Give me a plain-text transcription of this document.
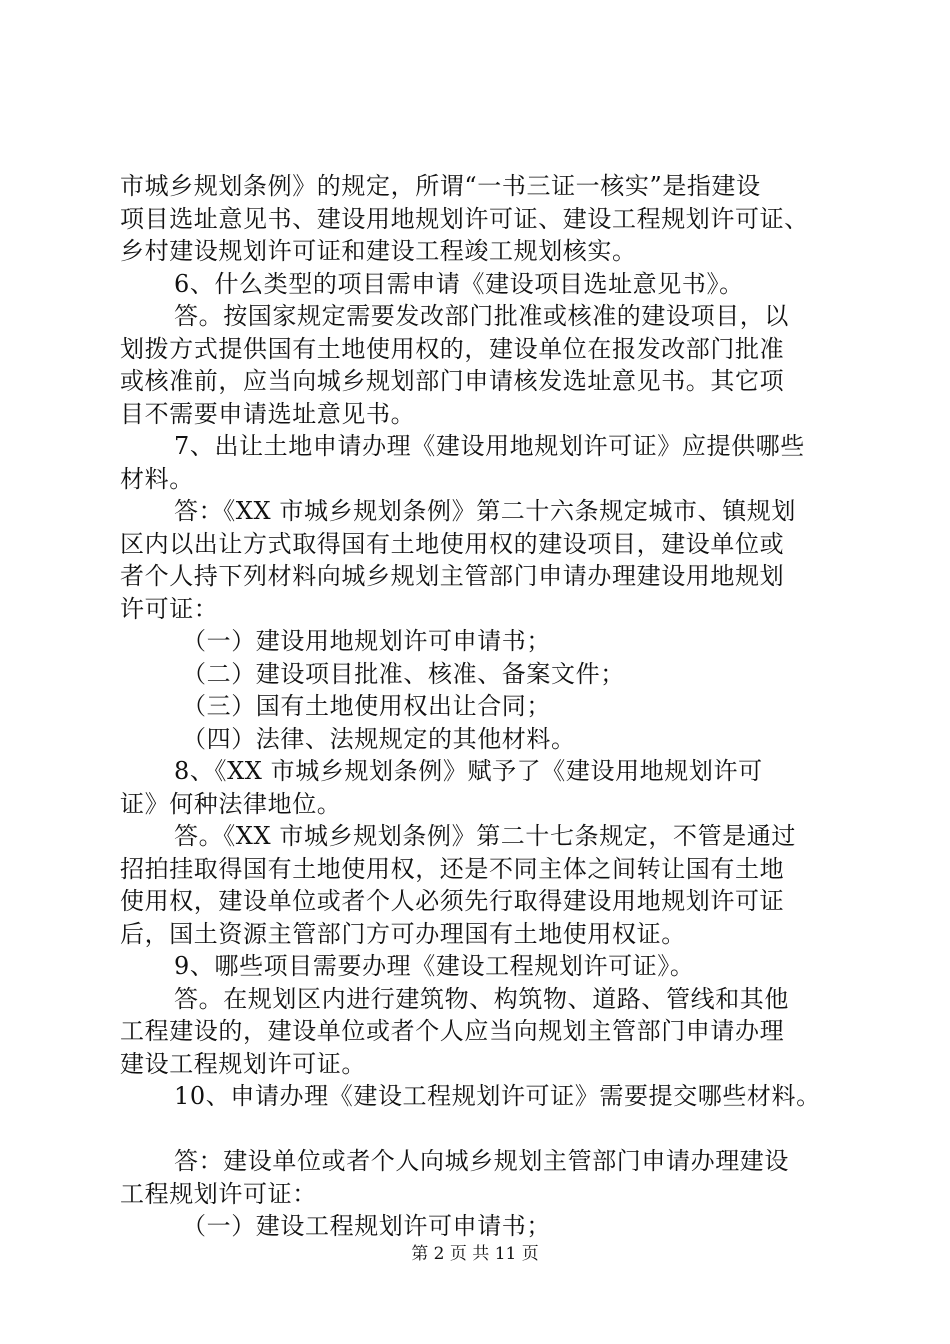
市城乡规划条例》的规定，所谓“一书三证一核实”是指建设
项目选址意见书、建设用地规划许可证、建设工程规划许可证、
乡村建设规划许可证和建设工程竣工规划核实。
6、什么类型的项目需申请《建设项目选址意见书》。
答。按国家规定需要发改部门批准或核准的建设项目，以
划拨方式提供国有土地使用权的，建设单位在报发改部门批准
或核准前，应当向城乡规划部门申请核发选址意见书。其它项
目不需要申请选址意见书。
7、出让土地申请办理《建设用地规划许可证》应提供哪些
材料。
答：《XX 市城乡规划条例》第二十六条规定城市、镇规划
区内以出让方式取得国有土地使用权的建设项目，建设单位或
者个人持下列材料向城乡规划主管部门申请办理建设用地规划
许可证：
（一）建设用地规划许可申请书；
（二）建设项目批准、核准、备案文件；
（三）国有土地使用权出让合同；
（四）法律、法规规定的其他材料。
8、《XX 市城乡规划条例》赋予了《建设用地规划许可
证》何种法律地位。
答。《XX 市城乡规划条例》第二十七条规定，不管是通过
招拍挂取得国有土地使用权，还是不同主体之间转让国有土地
使用权，建设单位或者个人必须先行取得建设用地规划许可证
后，国土资源主管部门方可办理国有土地使用权证。
9、哪些项目需要办理《建设工程规划许可证》。
答。在规划区内进行建筑物、构筑物、道路、管线和其他
工程建设的，建设单位或者个人应当向规划主管部门申请办理
建设工程规划许可证。
10、申请办理《建设工程规划许可证》需要提交哪些材料。
答：建设单位或者个人向城乡规划主管部门申请办理建设
工程规划许可证：
（一）建设工程规划许可申请书；
第 2 页 共 11 页
